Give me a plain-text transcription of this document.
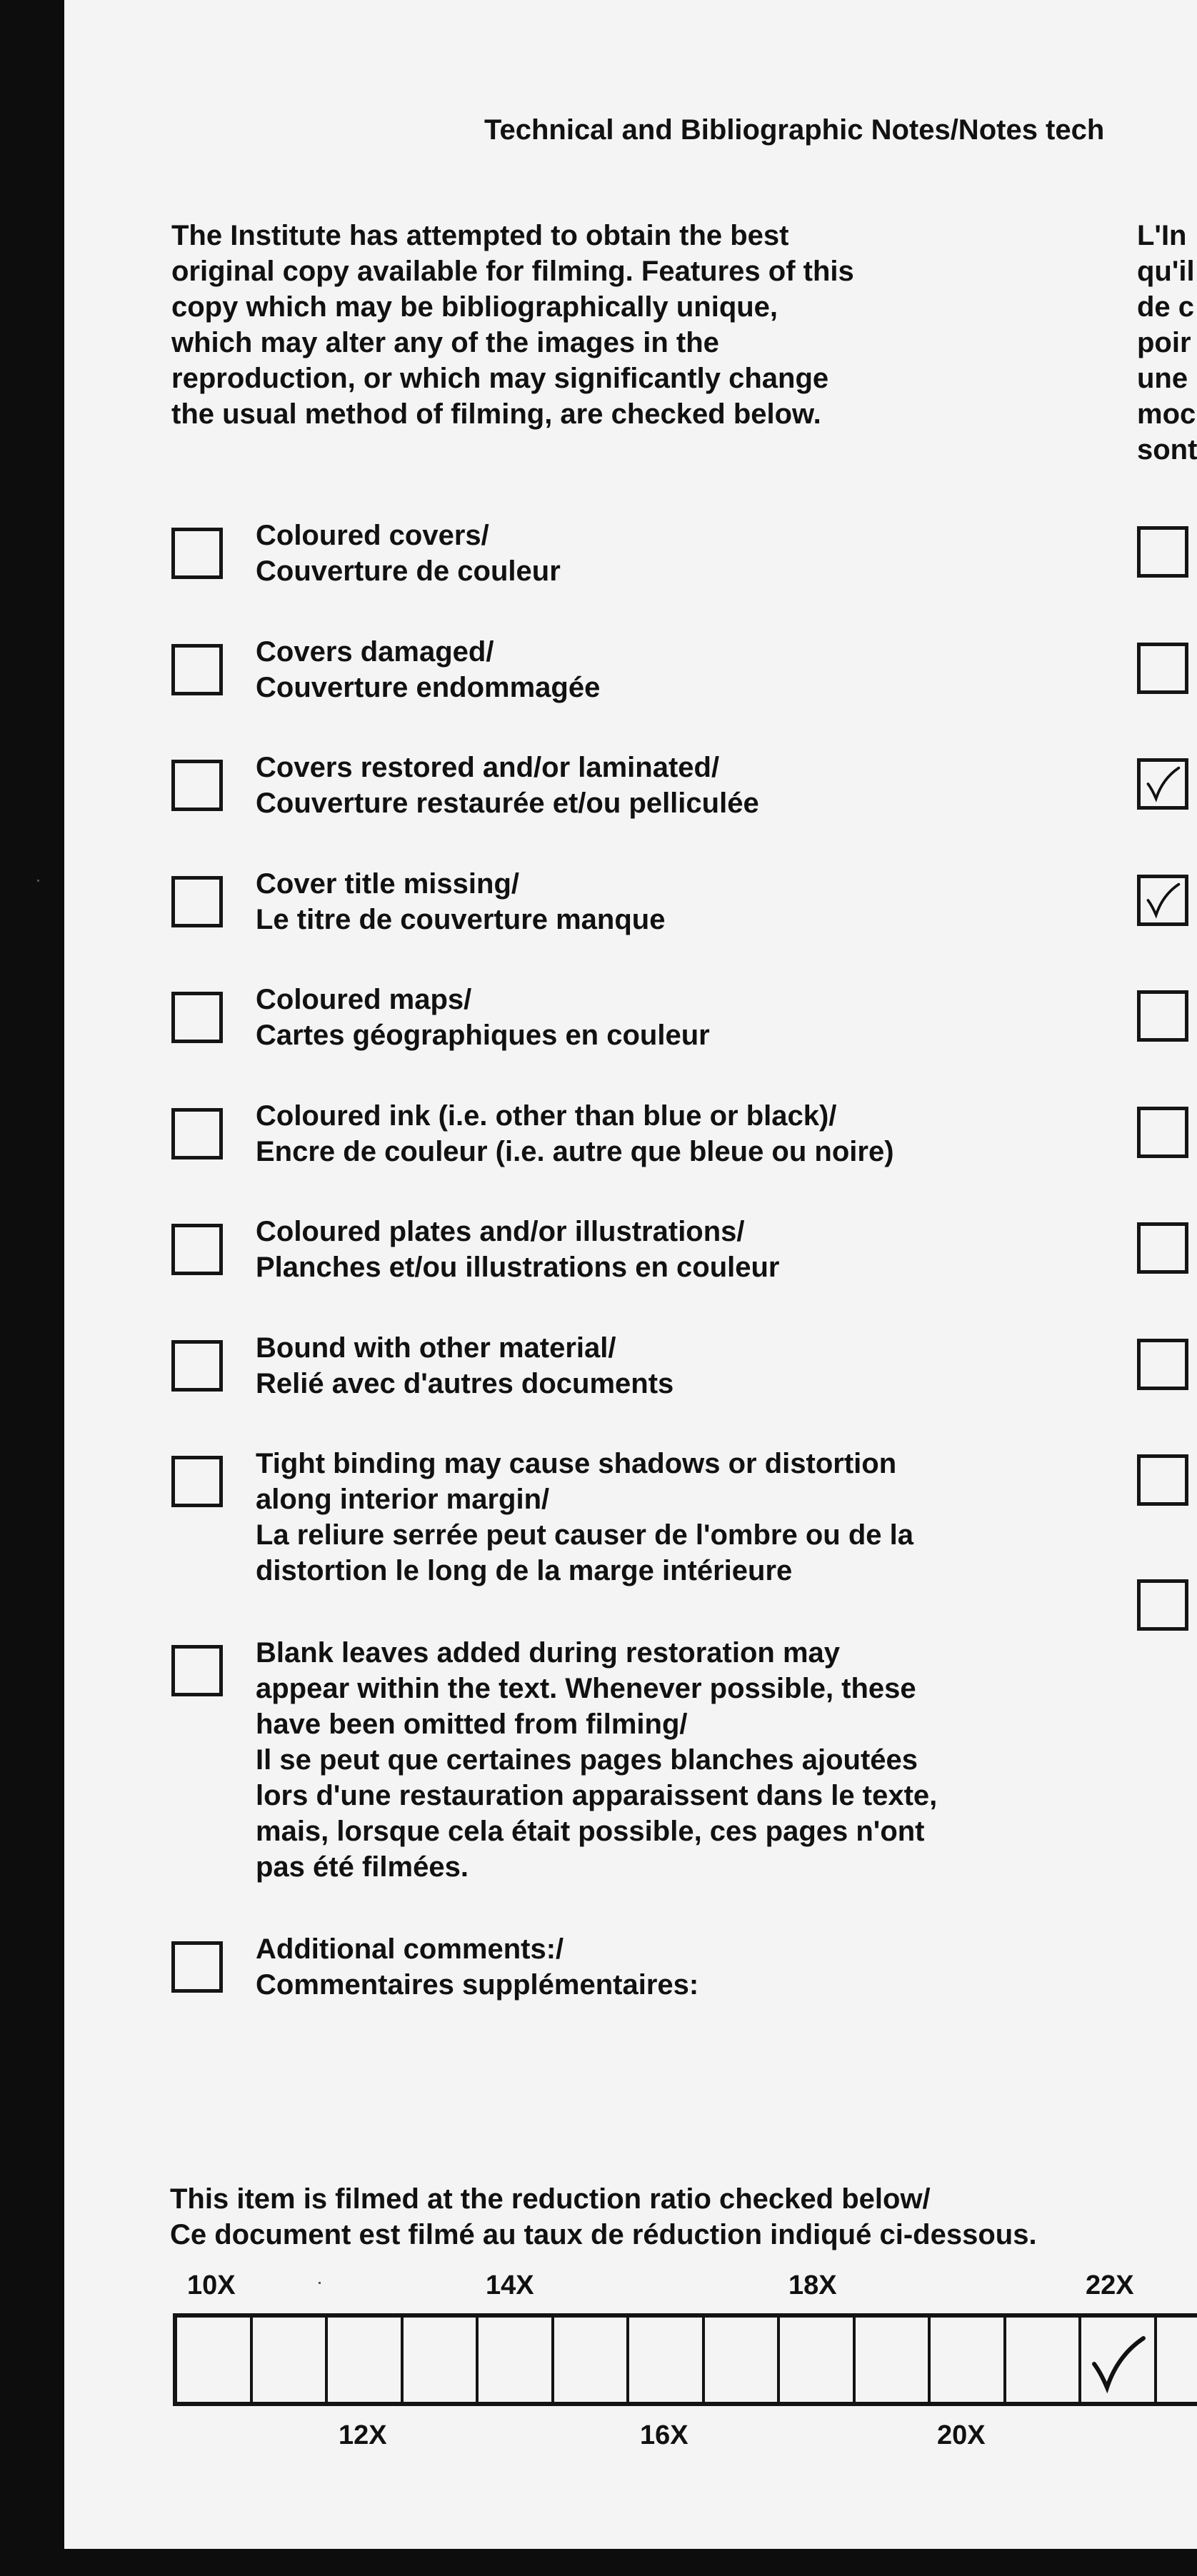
Technical and Bibliographic Notes/Notes tech
The Institute has attempted to obtain the best
original copy available for filming. Features of this
copy which may be bibliographically unique,
which may alter any of the images in the
reproduction, or which may significantly change
the usual method of filming, are checked below.
L'In
qu'il
de c
poir
une
moc
sont
Coloured covers/
Couverture de couleur
Covers damaged/
Couverture endommagée
Covers restored and/or laminated/
Couverture restaurée et/ou pelliculée
Cover title missing/
Le titre de couverture manque
Coloured maps/
Cartes géographiques en couleur
Coloured ink (i.e. other than blue or black)/
Encre de couleur (i.e. autre que bleue ou noire)
Coloured plates and/or illustrations/
Planches et/ou illustrations en couleur
Bound with other material/
Relié avec d'autres documents
Tight binding may cause shadows or distortion
along interior margin/
La reliure serrée peut causer de l'ombre ou de la
distortion le long de la marge intérieure
Blank leaves added during restoration may
appear within the text. Whenever possible, these
have been omitted from filming/
Il se peut que certaines pages blanches ajoutées
lors d'une restauration apparaissent dans le texte,
mais, lorsque cela était possible, ces pages n'ont
pas été filmées.
Additional comments:/
Commentaires supplémentaires:
This item is filmed at the reduction ratio checked below/
Ce document est filmé au taux de réduction indiqué ci-dessous.
10X	14X	18X	22X
12X	16X	20X
